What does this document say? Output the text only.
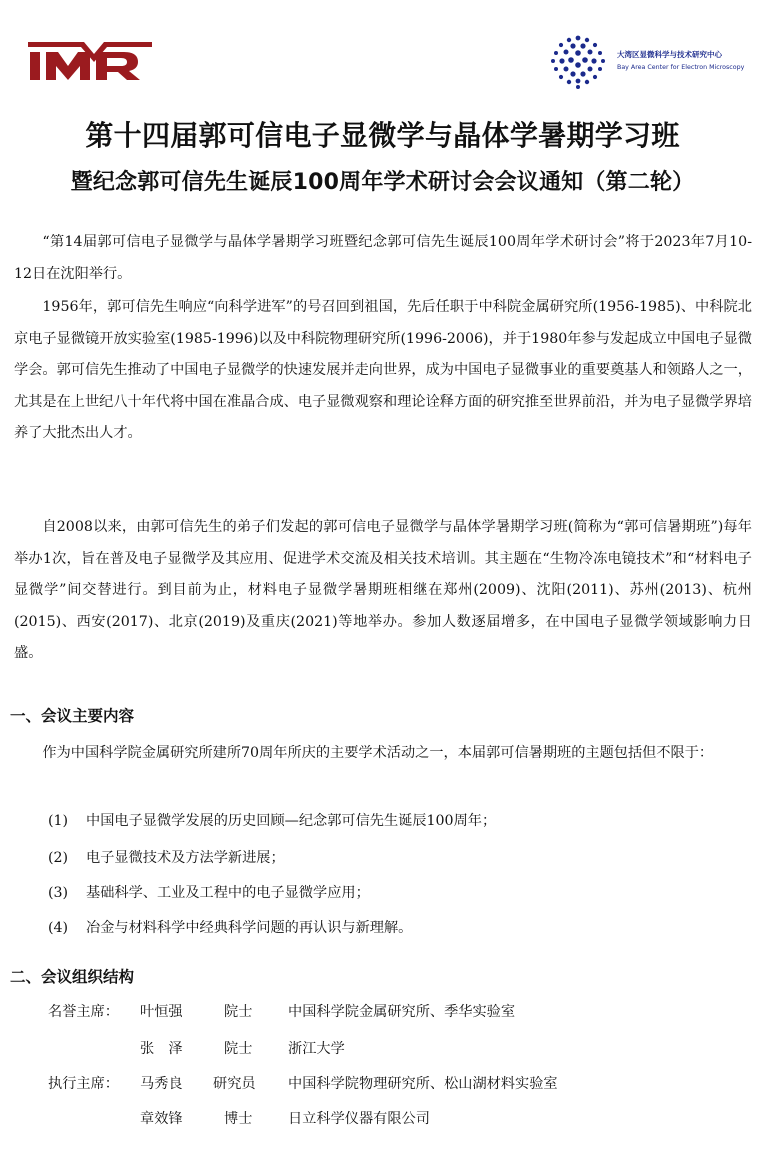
IMR
大湾区显微科学与技术研究中心
Bay Area Center for Electron Microscopy
第十四届郭可信电子显微学与晶体学暑期学习班
暨纪念郭可信先生诞辰100周年学术研讨会会议通知（第二轮）

“第14届郭可信电子显微学与晶体学暑期学习班暨纪念郭可信先生诞辰100周年学术研讨会”将于2023年7月10-12日在沈阳举行。

1956年，郭可信先生响应“向科学进军”的号召回到祖国，先后任职于中科院金属研究所(1956-1985)、中科院北京电子显微镜开放实验室(1985-1996)以及中科院物理研究所(1996-2006)，并于1980年参与发起成立中国电子显微学会。郭可信先生推动了中国电子显微学的快速发展并走向世界，成为中国电子显微事业的重要奠基人和领路人之一，尤其是在上世纪八十年代将中国在准晶合成、电子显微观察和理论诠释方面的研究推至世界前沿，并为电子显微学界培养了大批杰出人才。

自2008以来，由郭可信先生的弟子们发起的郭可信电子显微学与晶体学暑期学习班(简称为“郭可信暑期班”)每年举办1次，旨在普及电子显微学及其应用、促进学术交流及相关技术培训。其主题在“生物冷冻电镜技术”和“材料电子显微学”间交替进行。到目前为止，材料电子显微学暑期班相继在郑州(2009)、沈阳(2011)、苏州(2013)、杭州(2015)、西安(2017)、北京(2019)及重庆(2021)等地举办。参加人数逐届增多，在中国电子显微学领域影响力日盛。

一、会议主要内容

作为中国科学院金属研究所建所70周年所庆的主要学术活动之一，本届郭可信暑期班的主题包括但不限于：

(1) 中国电子显微学发展的历史回顾—纪念郭可信先生诞辰100周年；
(2) 电子显微技术及方法学新进展；
(3) 基础科学、工业及工程中的电子显微学应用；
(4) 冶金与材料科学中经典科学问题的再认识与新理解。
二、会议组织结构
名誉主席： 叶恒强	院士	中国科学院金属研究所、季华实验室
张　泽	院士	浙江大学
执行主席： 马秀良 研究员 中国科学院物理研究所、松山湖材料实验室
章效锋	博士	日立科学仪器有限公司
